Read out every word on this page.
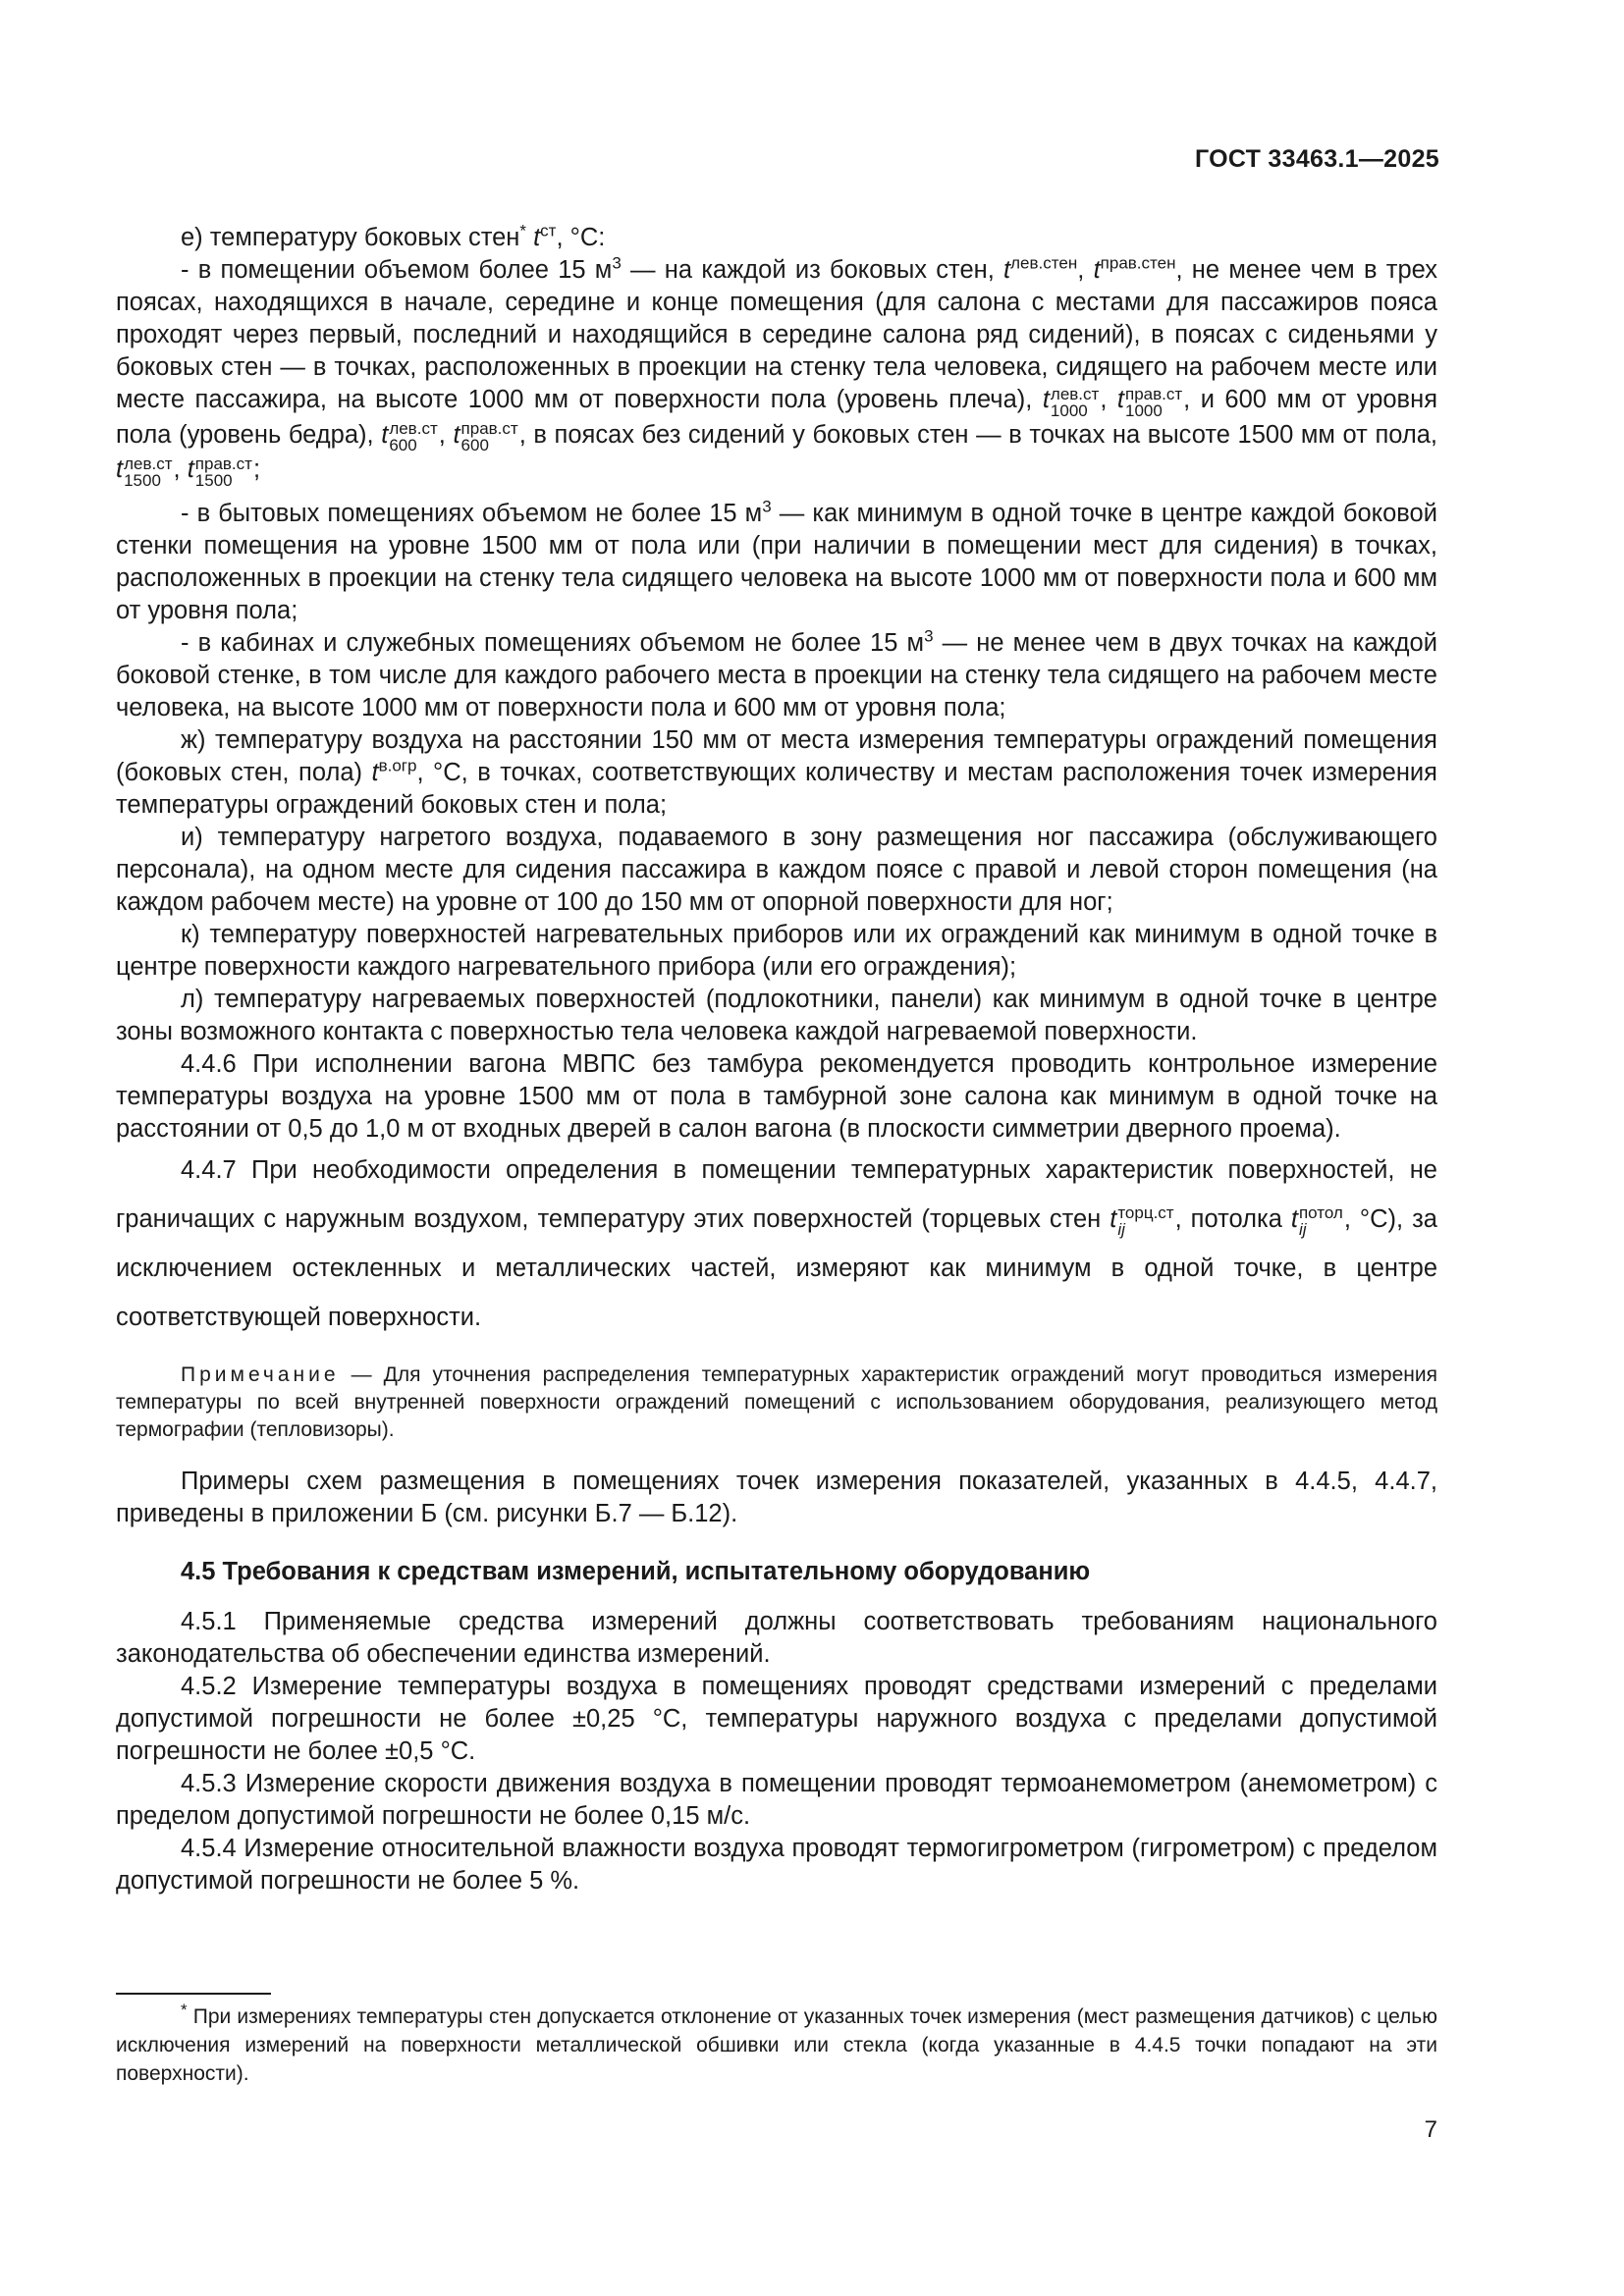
ГОСТ 33463.1—2025

е) температуру боковых стен* $t^{ст}$, °С:

- в помещении объемом более 15 $м^3$ — на каждой из боковых стен, $t^{лев.стен}$, $t^{прав.стен}$, не менее чем в трех поясах, находящихся в начале, середине и конце помещения (для салона с местами для пассажиров пояса проходят через первый, последний и находящийся в середине салона ряд сидений), в поясах с сиденьями у боковых стен — в точках, расположенных в проекции на стенку тела человека, сидящего на рабочем месте или месте пассажира, на высоте 1000 мм от поверхности пола (уровень плеча), t лев.ст
1000 , t прав.ст
1000 , и 600 мм от уровня пола (уровень бедра), t лев.ст
600 , t прав.ст
600	, в поясах без сидений у боковых стен — в точках на высоте 1500 мм от пола, t лев.ст
1500 , t прав.ст
1500 ;

- в бытовых помещениях объемом не более 15 $м^3$ — как минимум в одной точке в центре каждой боковой стенки помещения на уровне 1500 мм от пола или (при наличии в помещении мест для сидения) в точках, расположенных в проекции на стенку тела сидящего человека на высоте 1000 мм от поверхности пола и 600 мм от уровня пола;

- в кабинах и служебных помещениях объемом не более 15 $м^3$ — не менее чем в двух точках на каждой боковой стенке, в том числе для каждого рабочего места в проекции на стенку тела сидящего на рабочем месте человека, на высоте 1000 мм от поверхности пола и 600 мм от уровня пола;

ж) температуру воздуха на расстоянии 150 мм от места измерения температуры ограждений помещения (боковых стен, пола) $t^{в.огр}$, °С, в точках, соответствующих количеству и местам расположения точек измерения температуры ограждений боковых стен и пола;

и) температуру нагретого воздуха, подаваемого в зону размещения ног пассажира (обслуживающего персонала), на одном месте для сидения пассажира в каждом поясе с правой и левой сторон помещения (на каждом рабочем месте) на уровне от 100 до 150 мм от опорной поверхности для ног;

к) температуру поверхностей нагревательных приборов или их ограждений как минимум в одной точке в центре поверхности каждого нагревательного прибора (или его ограждения);

л) температуру нагреваемых поверхностей (подлокотники, панели) как минимум в одной точке в центре зоны возможного контакта с поверхностью тела человека каждой нагреваемой поверхности.

4.4.6 При исполнении вагона МВПС без тамбура рекомендуется проводить контрольное измерение температуры воздуха на уровне 1500 мм от пола в тамбурной зоне салона как минимум в одной точке на расстоянии от 0,5 до 1,0 м от входных дверей в салон вагона (в плоскости симметрии дверного проема).

4.4.7 При необходимости определения в помещении температурных характеристик поверхностей, не граничащих с наружным воздухом, температуру этих поверхностей (торцевых стен t торц.ст
ij	, потолка t потол
ij	, °С), за исключением остекленных и металлических частей, измеряют как минимум в одной точке, в центре соответствующей поверхности.

Примечание — Для уточнения распределения температурных характеристик ограждений могут проводиться измерения температуры по всей внутренней поверхности ограждений помещений с использованием оборудования, реализующего метод термографии (тепловизоры).

Примеры схем размещения в помещениях точек измерения показателей, указанных в 4.4.5, 4.4.7, приведены в приложении Б (см. рисунки Б.7 — Б.12).

4.5 Требования к средствам измерений, испытательному оборудованию

4.5.1 Применяемые средства измерений должны соответствовать требованиям национального законодательства об обеспечении единства измерений.

4.5.2 Измерение температуры воздуха в помещениях проводят средствами измерений с пределами допустимой погрешности не более ±0,25 °С, температуры наружного воздуха с пределами допустимой погрешности не более ±0,5 °С.

4.5.3 Измерение скорости движения воздуха в помещении проводят термоанемометром (анемометром) с пределом допустимой погрешности не более 0,15 м/с.

4.5.4 Измерение относительной влажности воздуха проводят термогигрометром (гигрометром) с пределом допустимой погрешности не более 5 %.

* При измерениях температуры стен допускается отклонение от указанных точек измерения (мест размещения датчиков) с целью исключения измерений на поверхности металлической обшивки или стекла (когда указанные в 4.4.5 точки попадают на эти поверхности).

7
